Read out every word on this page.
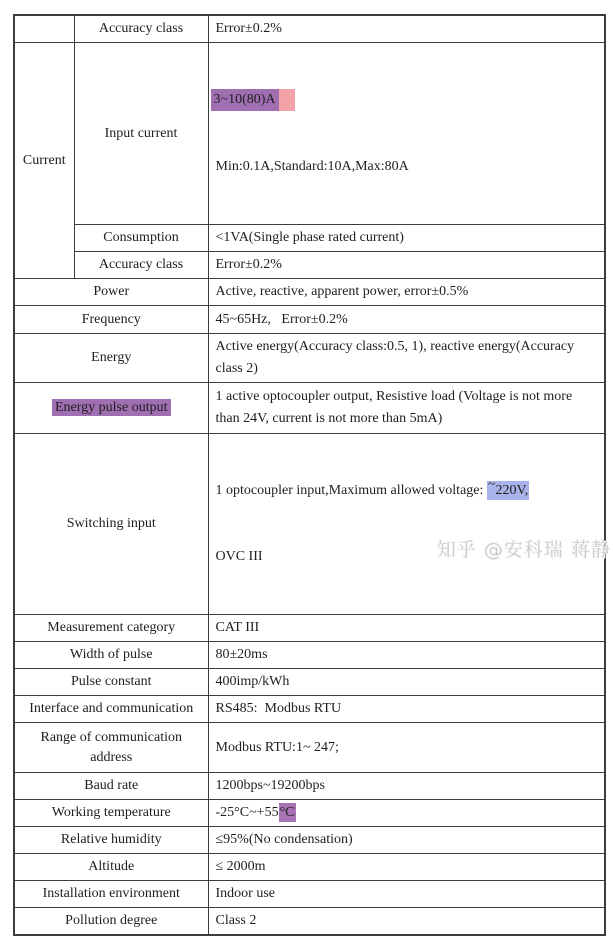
	Accuracy class	Error±0.2%
Current	Input current	3~10(80)A

Min:0.1A,Standard:10A,Max:80A

	Consumption	<1VA(Single phase rated current)
	Accuracy class	Error±0.2%
Power		Active, reactive, apparent power, error±0.5%
Frequency		45~65Hz,   Error±0.2%
Energy		Active energy(Accuracy class:0.5, 1), reactive energy(Accuracy class 2)
Energy pulse output		1 active optocoupler output, Resistive load (Voltage is not more than 24V, current is not more than 5mA)
Switching input		1 optocoupler input,Maximum allowed voltage: ~220V,

OVC III

Measurement category		CAT III
Width of pulse		80±20ms
Pulse constant		400imp/kWh
Interface and communication		RS485:  Modbus RTU
Range of communication address		Modbus RTU:1~ 247;
Baud rate		1200bps~19200bps
Working temperature		-25°C~+55°C
Relative humidity		≤95%(No condensation)
Altitude		≤ 2000m
Installation environment		Indoor use
Pollution degree		Class 2
知乎 @安科瑞 蒋静
